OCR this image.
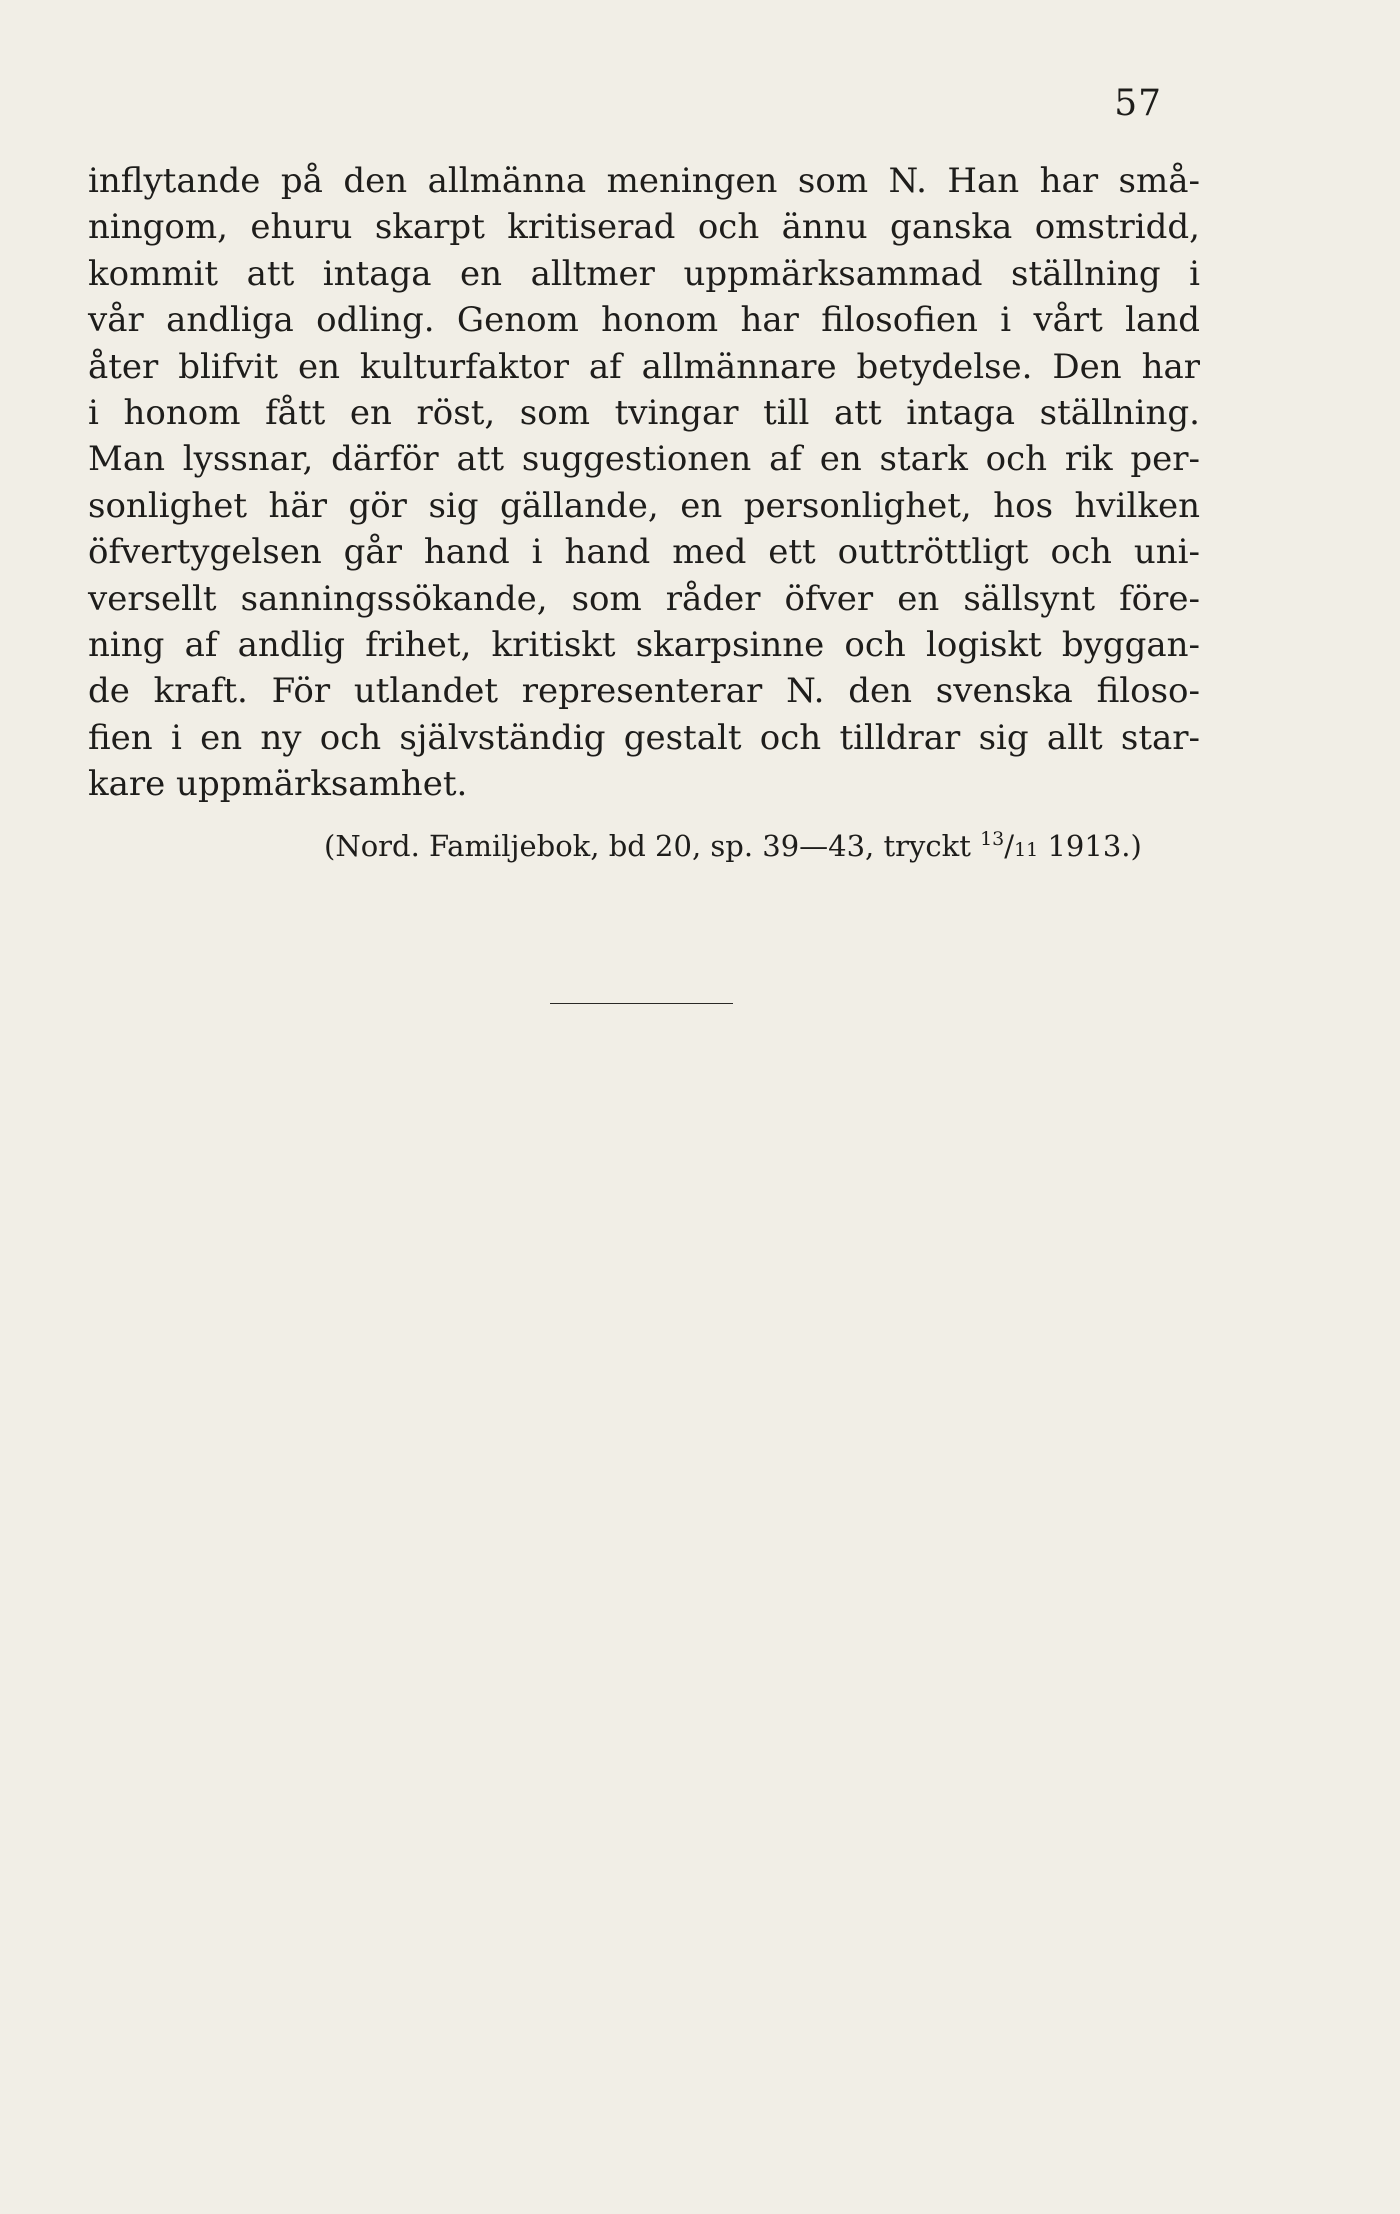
57
inflytande på den allmänna meningen som N. Han har små-
ningom, ehuru skarpt kritiserad och ännu ganska omstridd,
kommit att intaga en alltmer uppmärksammad ställning i
vår andliga odling. Genom honom har filosofien i vårt land
åter blifvit en kulturfaktor af allmännare betydelse. Den har
i honom fått en röst, som tvingar till att intaga ställning.
Man lyssnar, därför att suggestionen af en stark och rik per-
sonlighet här gör sig gällande, en personlighet, hos hvilken
öfvertygelsen går hand i hand med ett outtröttligt och uni-
versellt sanningssökande, som råder öfver en sällsynt före-
ning af andlig frihet, kritiskt skarpsinne och logiskt byggan-
de kraft. För utlandet representerar N. den svenska filoso-
fien i en ny och självständig gestalt och tilldrar sig allt star-
kare uppmärksamhet.
(Nord. Familjebok, bd 20, sp. 39—43, tryckt $^{13}$/11 1913.)
